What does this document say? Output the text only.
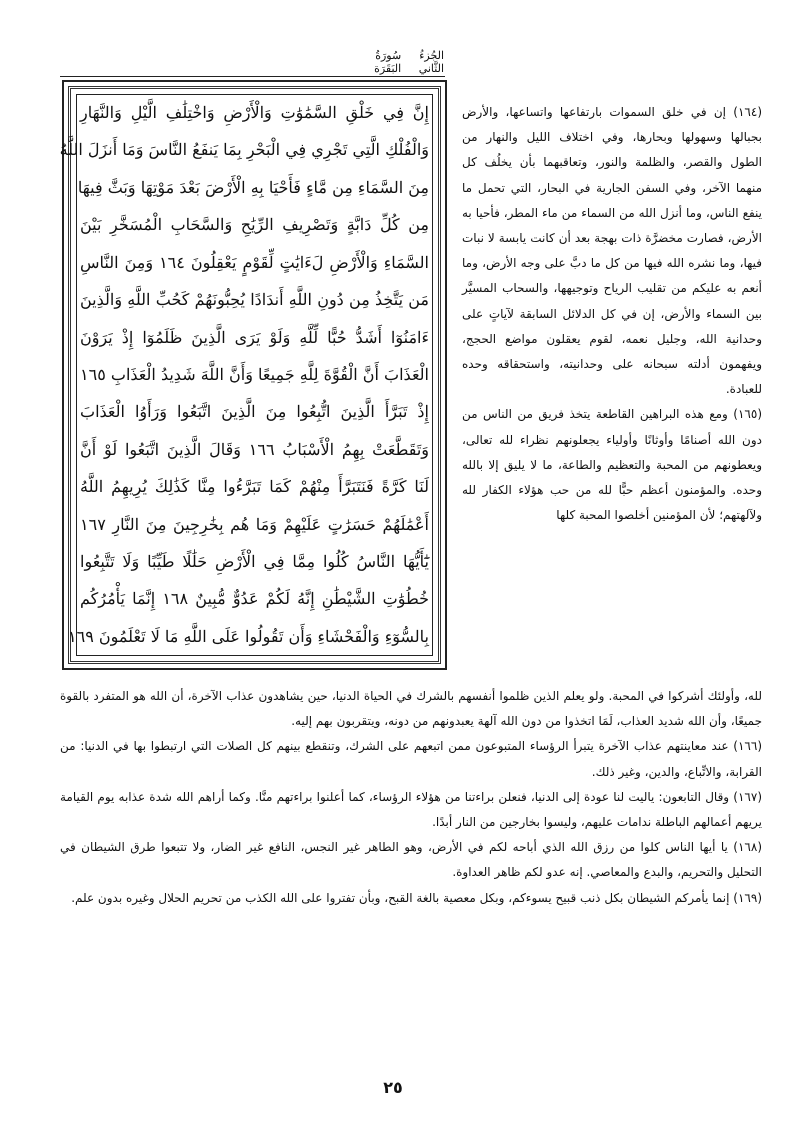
سُورَةُ البَقَرَة
الجُزءُ الثَّاني
إِنَّ فِي خَلْقِ السَّمَٰوَٰتِ وَالْأَرْضِ وَاخْتِلَٰفِ الَّيْلِ وَالنَّهَارِ
وَالْفُلْكِ الَّتِي تَجْرِي فِي الْبَحْرِ بِمَا يَنفَعُ النَّاسَ وَمَا أَنزَلَ اللَّهُ
مِنَ السَّمَاءِ مِن مَّاءٍ فَأَحْيَا بِهِ الْأَرْضَ بَعْدَ مَوْتِهَا وَبَثَّ فِيهَا
مِن كُلِّ دَابَّةٍ وَتَصْرِيفِ الرِّيَٰحِ وَالسَّحَابِ الْمُسَخَّرِ بَيْنَ
السَّمَاءِ وَالْأَرْضِ لَءَايَٰتٍ لِّقَوْمٍ يَعْقِلُونَ ١٦٤ وَمِنَ النَّاسِ
مَن يَتَّخِذُ مِن دُونِ اللَّهِ أَندَادًا يُحِبُّونَهُمْ كَحُبِّ اللَّهِ وَالَّذِينَ
ءَامَنُوٓا أَشَدُّ حُبًّا لِّلَّهِ وَلَوْ يَرَى الَّذِينَ ظَلَمُوٓا إِذْ يَرَوْنَ
الْعَذَابَ أَنَّ الْقُوَّةَ لِلَّهِ جَمِيعًا وَأَنَّ اللَّهَ شَدِيدُ الْعَذَابِ ١٦٥
إِذْ تَبَرَّأَ الَّذِينَ اتُّبِعُوا مِنَ الَّذِينَ اتَّبَعُوا وَرَأَوُا الْعَذَابَ
وَتَقَطَّعَتْ بِهِمُ الْأَسْبَابُ ١٦٦ وَقَالَ الَّذِينَ اتَّبَعُوا لَوْ أَنَّ
لَنَا كَرَّةً فَنَتَبَرَّأَ مِنْهُمْ كَمَا تَبَرَّءُوا مِنَّا كَذَٰلِكَ يُرِيهِمُ اللَّهُ
أَعْمَٰلَهُمْ حَسَرَٰتٍ عَلَيْهِمْ وَمَا هُم بِخَٰرِجِينَ مِنَ النَّارِ ١٦٧
يَٰٓأَيُّهَا النَّاسُ كُلُوا مِمَّا فِي الْأَرْضِ حَلَٰلًا طَيِّبًا وَلَا تَتَّبِعُوا
خُطُوَٰتِ الشَّيْطَٰنِ إِنَّهُ لَكُمْ عَدُوٌّ مُّبِينٌ ١٦٨ إِنَّمَا يَأْمُرُكُم
بِالسُّوٓءِ وَالْفَحْشَاءِ وَأَن تَقُولُوا عَلَى اللَّهِ مَا لَا تَعْلَمُونَ ١٦٩

(١٦٤) إن في خلق السموات بارتفاعها واتساعها، والأرض بجبالها وسهولها وبحارها، وفي اختلاف الليل والنهار من الطول والقصر، والظلمة والنور، وتعاقبهما بأن يخلُف كل منهما الآخر، وفي السفن الجارية في البحار، التي تحمل ما ينفع الناس، وما أنزل الله من السماء من ماء المطر، فأحيا به الأرض، فصارت مخضرَّة ذات بهجة بعد أن كانت يابسة لا نبات فيها، وما نشره الله فيها من كل ما دبَّ على وجه الأرض، وما أنعم به عليكم من تقليب الرياح وتوجيهها، والسحاب المسيَّر بين السماء والأرض، إن في كل الدلائل السابقة لآياتٍ على وحدانية الله، وجليل نعمه، لقوم يعقلون مواضع الحجج، ويفهمون أدلته سبحانه على وحدانيته، واستحقاقه وحده للعبادة.

(١٦٥) ومع هذه البراهين القاطعة يتخذ فريق من الناس من دون الله أصنامًا وأوثانًا وأولياء يجعلونهم نظراء لله تعالى، ويعطونهم من المحبة والتعظيم والطاعة، ما لا يليق إلا بالله وحده. والمؤمنون أعظم حبًّا لله من حب هؤلاء الكفار لله ولآلهتهم؛ لأن المؤمنين أخلصوا المحبة كلها

لله، وأولئك أشركوا في المحبة. ولو يعلم الذين ظلموا أنفسهم بالشرك في الحياة الدنيا، حين يشاهدون عذاب الآخرة، أن الله هو المتفرد بالقوة جميعًا، وأن الله شديد العذاب، لَمَا اتخذوا من دون الله آلهة يعبدونهم من دونه، ويتقربون بهم إليه.

(١٦٦) عند معاينتهم عذاب الآخرة يتبرأ الرؤساء المتبوعون ممن اتبعهم على الشرك، وتنقطع بينهم كل الصلات التي ارتبطوا بها في الدنيا: من القرابة، والاتِّباع، والدين، وغير ذلك.

(١٦٧) وقال التابعون: ياليت لنا عودة إلى الدنيا، فنعلن براءتنا من هؤلاء الرؤساء، كما أعلنوا براءتهم منَّا. وكما أراهم الله شدة عذابه يوم القيامة يريهم أعمالهم الباطلة ندامات عليهم، وليسوا بخارجين من النار أبدًا.

(١٦٨) يا أيها الناس كلوا من رزق الله الذي أباحه لكم في الأرض، وهو الطاهر غير النجس، النافع غير الضار، ولا تتبعوا طرق الشيطان في التحليل والتحريم، والبدع والمعاصي. إنه عدو لكم ظاهر العداوة.

(١٦٩) إنما يأمركم الشيطان بكل ذنب قبيح يسوءكم، وبكل معصية بالغة القبح، وبأن تفتروا على الله الكذب من تحريم الحلال وغيره بدون علم.

٢٥
